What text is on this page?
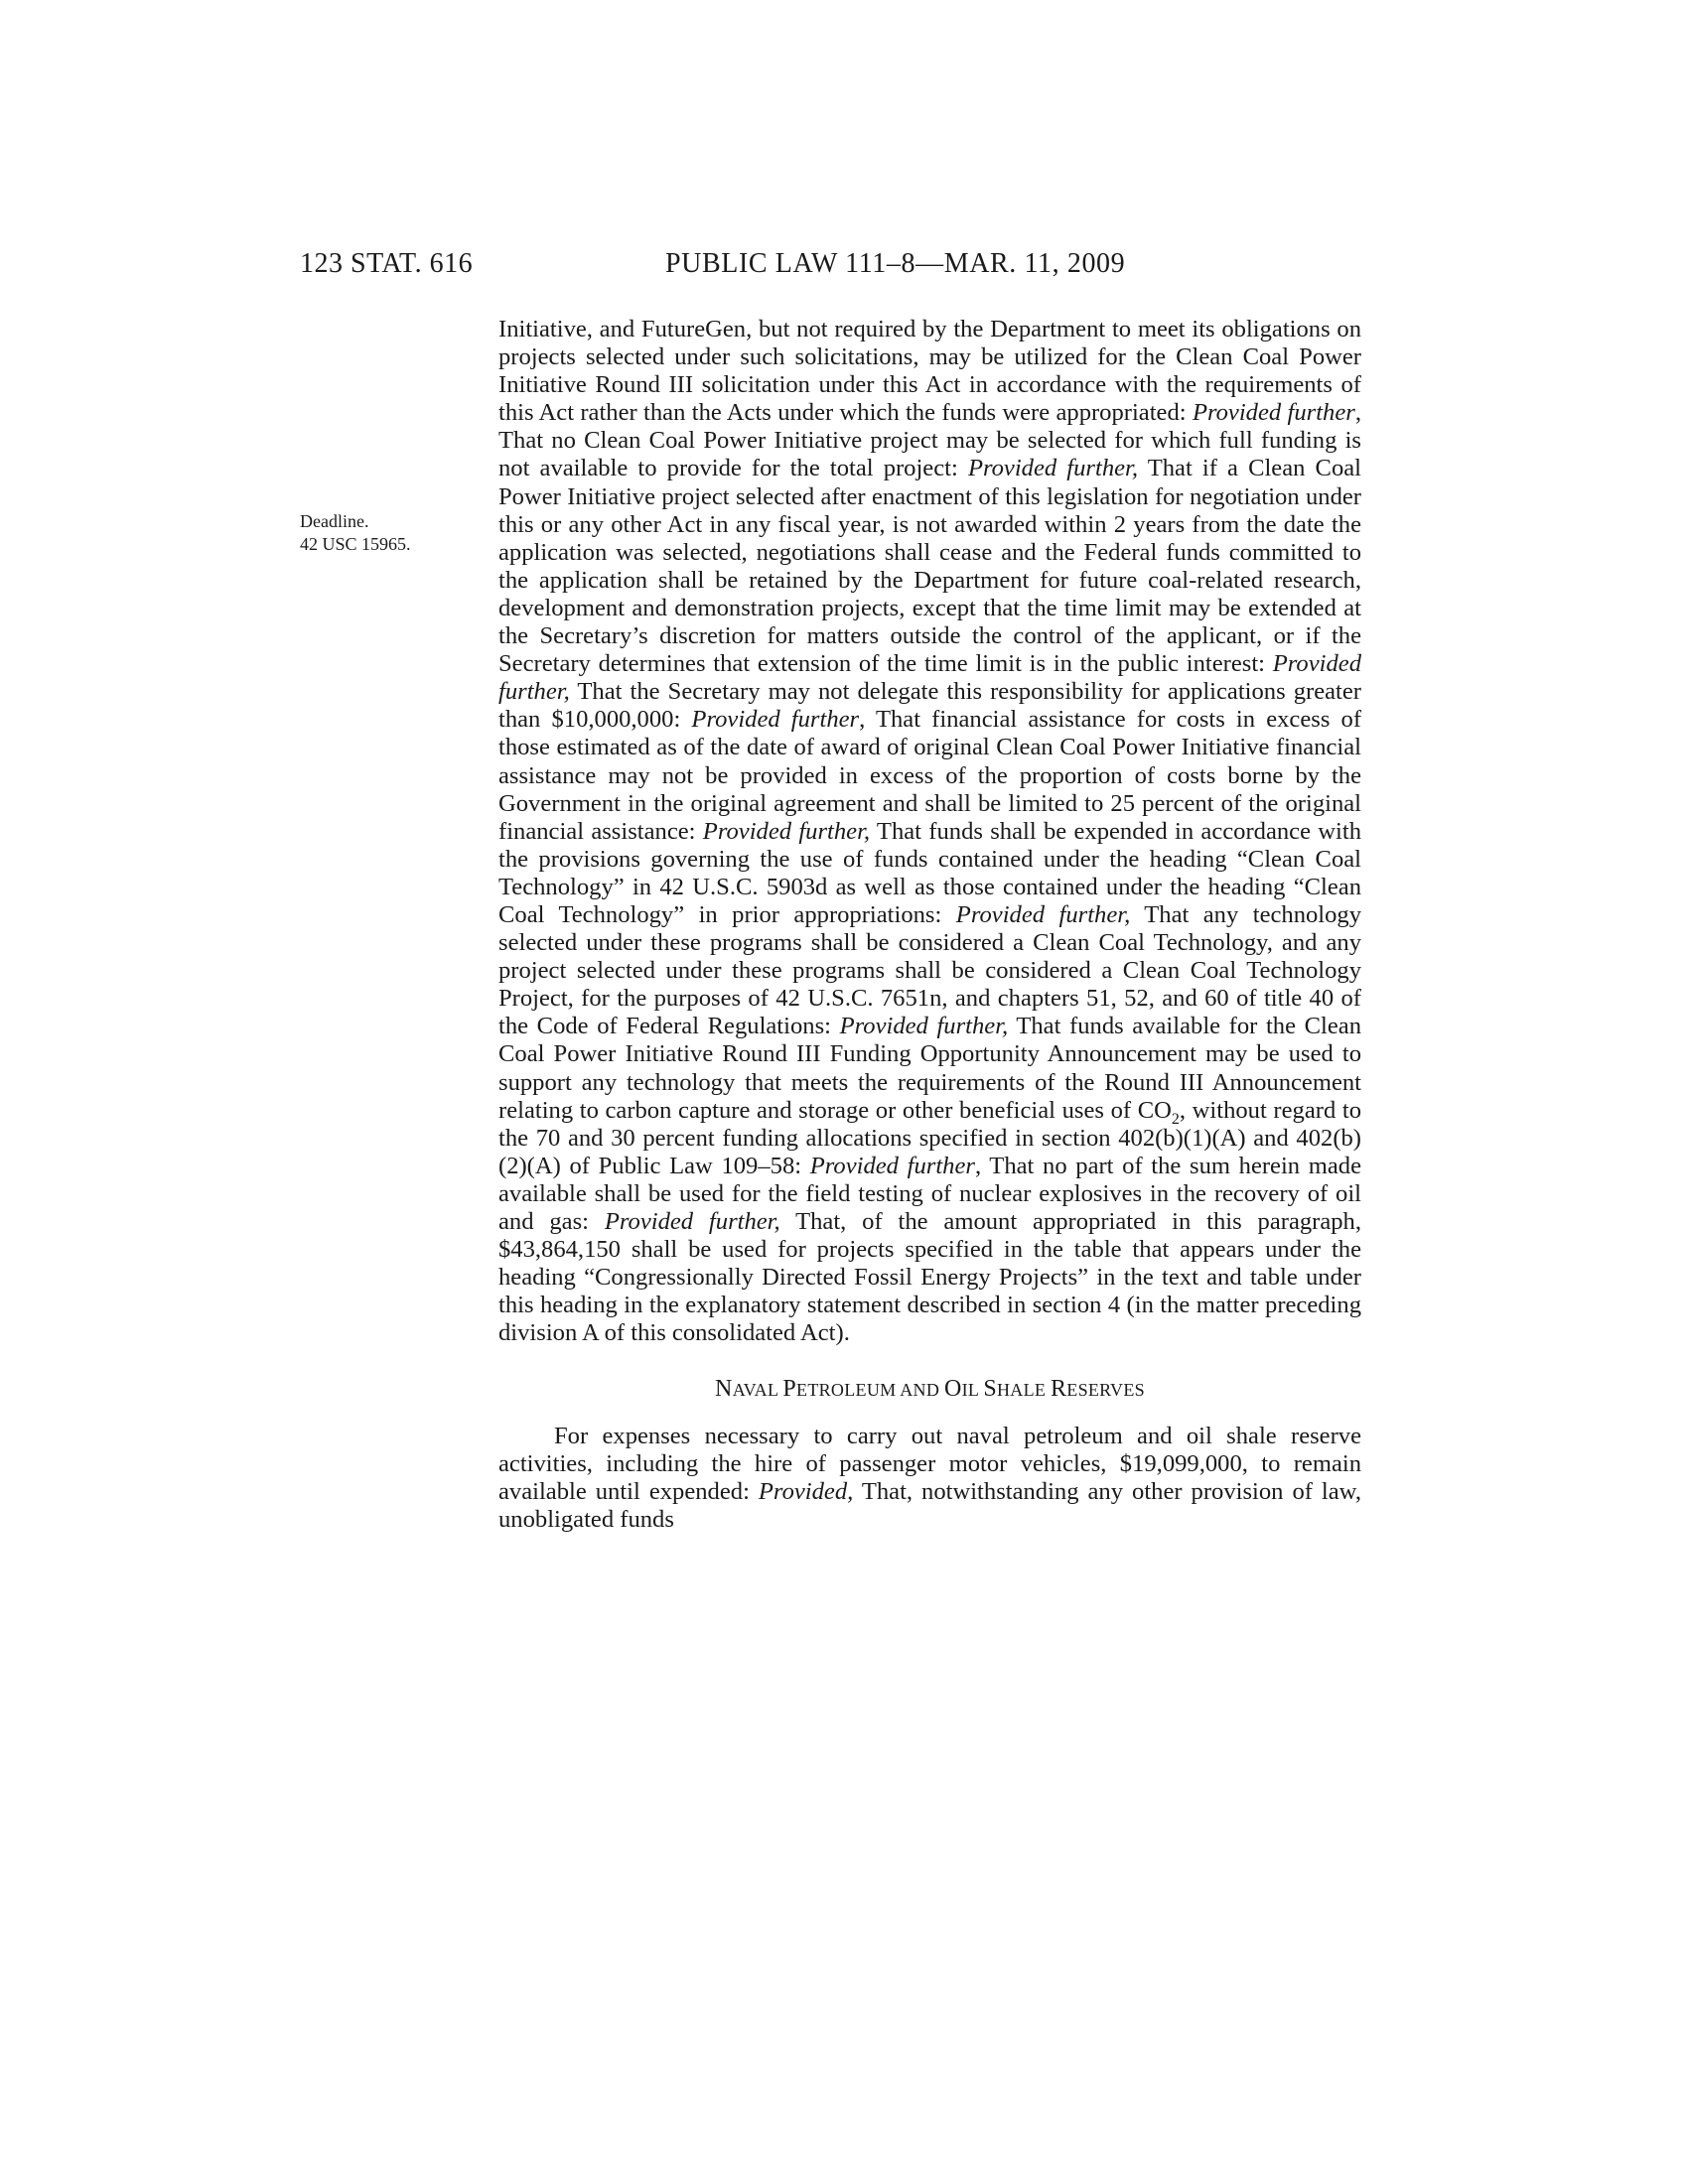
123 STAT. 616	PUBLIC LAW 111–8—MAR. 11, 2009
Deadline.
42 USC 15965.

Initiative, and FutureGen, but not required by the Department to meet its obligations on projects selected under such solicitations, may be utilized for the Clean Coal Power Initiative Round III solicitation under this Act in accordance with the requirements of this Act rather than the Acts under which the funds were appropriated: Provided further, That no Clean Coal Power Initiative project may be selected for which full funding is not available to provide for the total project: Provided further, That if a Clean Coal Power Initiative project selected after enactment of this legislation for negotiation under this or any other Act in any fiscal year, is not awarded within 2 years from the date the application was selected, negotiations shall cease and the Federal funds committed to the application shall be retained by the Department for future coal-related research, development and demonstration projects, except that the time limit may be extended at the Secretary’s discretion for matters outside the control of the applicant, or if the Secretary determines that extension of the time limit is in the public interest: Provided further, That the Secretary may not delegate this responsibility for applications greater than $10,000,000: Provided further, That financial assistance for costs in excess of those estimated as of the date of award of original Clean Coal Power Initiative financial assistance may not be provided in excess of the proportion of costs borne by the Government in the original agreement and shall be limited to 25 percent of the original financial assistance: Provided further, That funds shall be expended in accordance with the provisions governing the use of funds contained under the heading “Clean Coal Technology” in 42 U.S.C. 5903d as well as those contained under the heading “Clean Coal Technology” in prior appropriations: Provided further, That any technology selected under these programs shall be considered a Clean Coal Technology, and any project selected under these programs shall be considered a Clean Coal Technology Project, for the purposes of 42 U.S.C. 7651n, and chapters 51, 52, and 60 of title 40 of the Code of Federal Regulations: Provided further, That funds available for the Clean Coal Power Initiative Round III Funding Opportunity Announcement may be used to support any technology that meets the requirements of the Round III Announcement relating to carbon capture and storage or other beneficial uses of $CO_2$, without regard to the 70 and 30 percent funding allocations specified in section 402(b)(1)(A) and 402(b)(2)(A) of Public Law 109–58: Provided further, That no part of the sum herein made available shall be used for the field testing of nuclear explosives in the recovery of oil and gas: Provided further, That, of the amount appropriated in this paragraph, $43,864,150 shall be used for projects specified in the table that appears under the heading “Congressionally Directed Fossil Energy Projects” in the text and table under this heading in the explanatory statement described in section 4 (in the matter preceding division A of this consolidated Act).

NAVAL PETROLEUM AND OIL SHALE RESERVES

For expenses necessary to carry out naval petroleum and oil shale reserve activities, including the hire of passenger motor vehicles, $19,099,000, to remain available until expended: Provided, That, notwithstanding any other provision of law, unobligated funds
